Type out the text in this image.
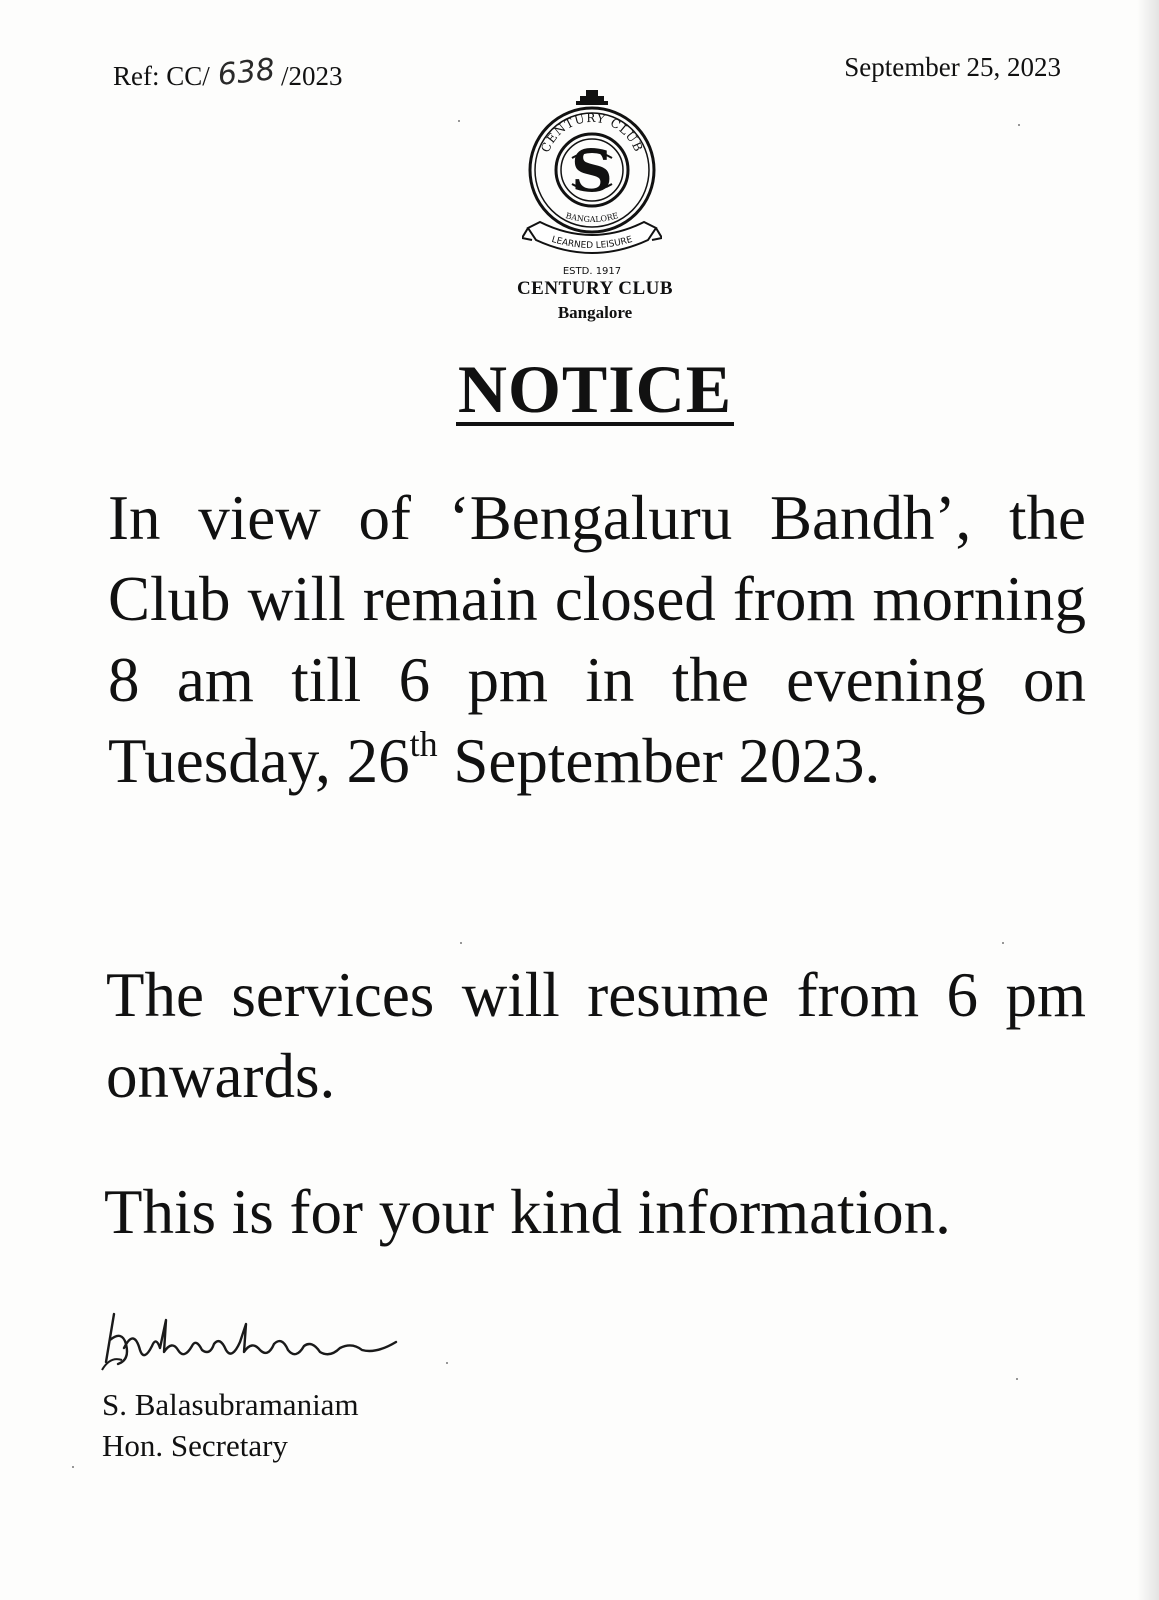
Ref: CC/ 638 /2023	September 25, 2023
S
CENTURY CLUB
BANGALORE
LEARNED LEISURE
ESTD. 1917
CENTURY CLUB
Bangalore
NOTICE
In view of ‘Bengaluru Bandh’, the Club will remain closed from morning 8 am till 6 pm in the evening on Tuesday, 26th September 2023.
The services will resume from 6 pm onwards.
This is for your kind information.
S. Balasubramaniam
Hon. Secretary
